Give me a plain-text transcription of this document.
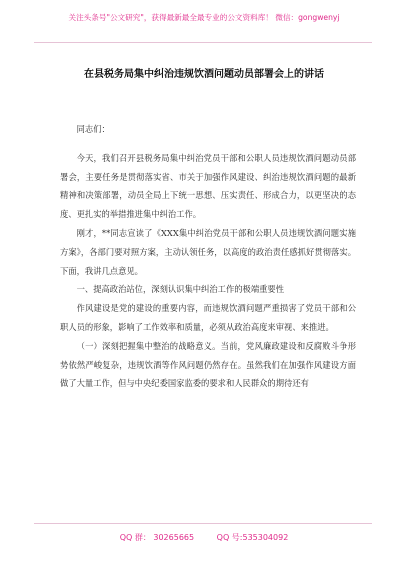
关注头条号"公文研究"，获得最新最全最专业的公文资料库！ 微信：gongwenyj
在县税务局集中纠治违规饮酒问题动员部署会上的讲话

同志们：

今天，我们召开县税务局集中纠治党员干部和公职人员违规饮酒问题动员部署会，主要任务是贯彻落实省、市关于加强作风建设、纠治违规饮酒问题的最新精神和决策部署，动员全局上下统一思想、压实责任、形成合力，以更坚决的态度、更扎实的举措推进集中纠治工作。

刚才，**同志宣读了《XXX集中纠治党员干部和公职人员违规饮酒问题实施方案》，各部门要对照方案，主动认领任务，以高度的政治责任感抓好贯彻落实。下面，我讲几点意见。

一、提高政治站位，深刻认识集中纠治工作的极端重要性

作风建设是党的建设的重要内容，而违规饮酒问题严重损害了党员干部和公职人员的形象，影响了工作效率和质量，必须从政治高度来审视、来推进。

（一）深刻把握集中整治的战略意义。当前，党风廉政建设和反腐败斗争形势依然严峻复杂，违规饮酒等作风问题仍然存在。虽然我们在加强作风建设方面做了大量工作，但与中央纪委国家监委的要求和人民群众的期待还有

QQ 群： 30265665	QQ 号:535304092
